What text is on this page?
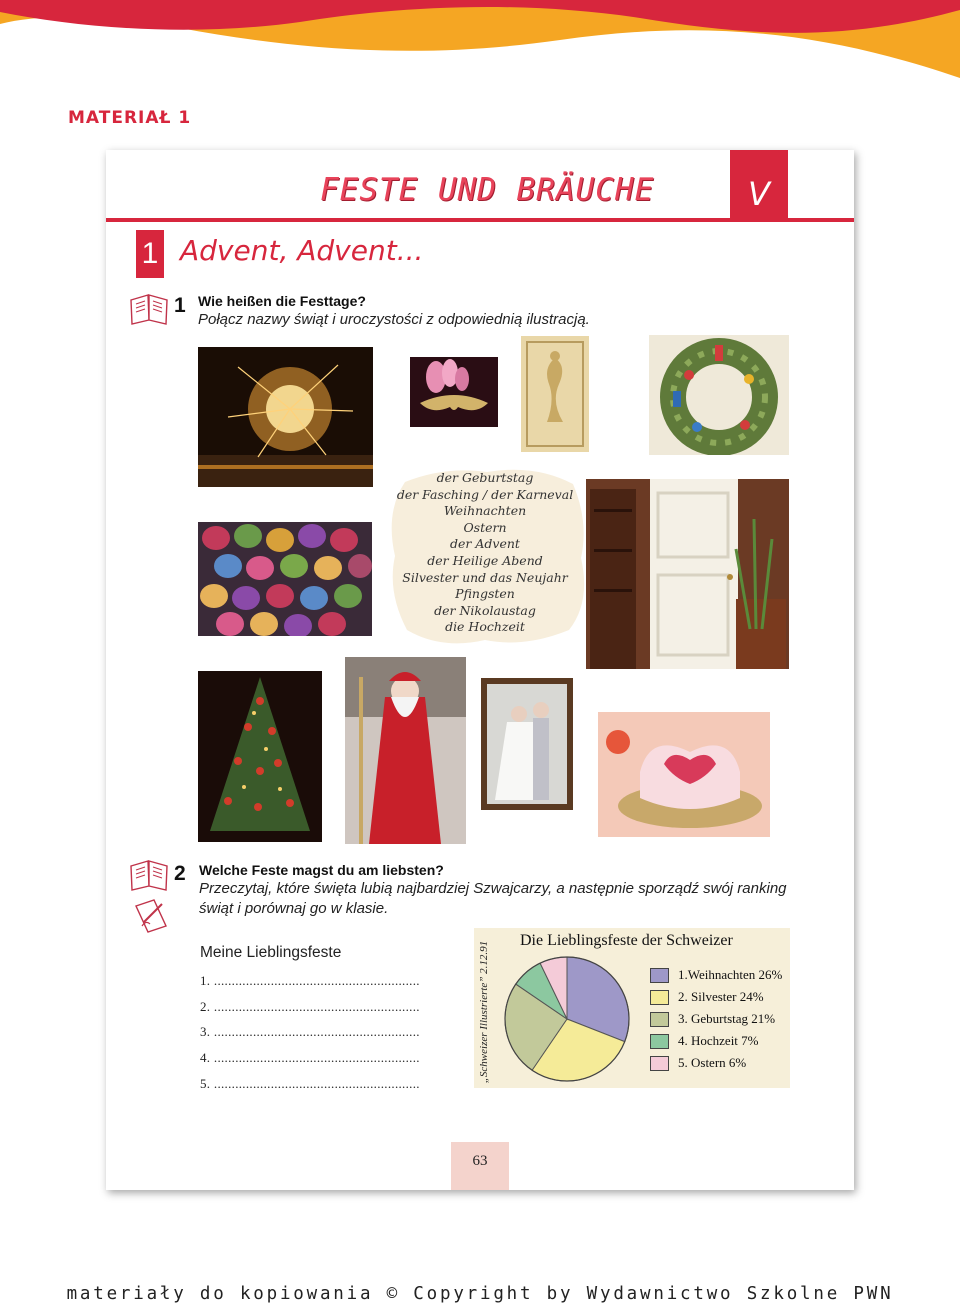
MATERIAŁ 1
FESTE UND BRÄUCHE	V
1 Advent, Advent...
1 Wie heißen die Festtage?
Połącz nazwy świąt i uroczystości z odpowiednią ilustracją.
der Geburtstag
der Fasching / der Karneval
Weihnachten
Ostern
der Advent
der Heilige Abend
Silvester und das Neujahr
Pfingsten
der Nikolaustag
die Hochzeit
2 Welche Feste magst du am liebsten?
Przeczytaj, które święta lubią najbardziej Szwajcarzy, a następnie sporządź swój ranking
świąt i porównaj go w klasie.
Meine Lieblingsfeste
1. ..........................................................
2. ..........................................................
3. ..........................................................
4. ..........................................................
5. ..........................................................
„Schweizer Illustrierte” 2.12.91
Die Lieblingsfeste der Schweizer
1.Weihnachten 26%
2. Silvester 24%
3. Geburtstag 21%
4. Hochzeit 7%
5. Ostern 6%
63
materiały do kopiowania © Copyright by Wydawnictwo Szkolne PWN
